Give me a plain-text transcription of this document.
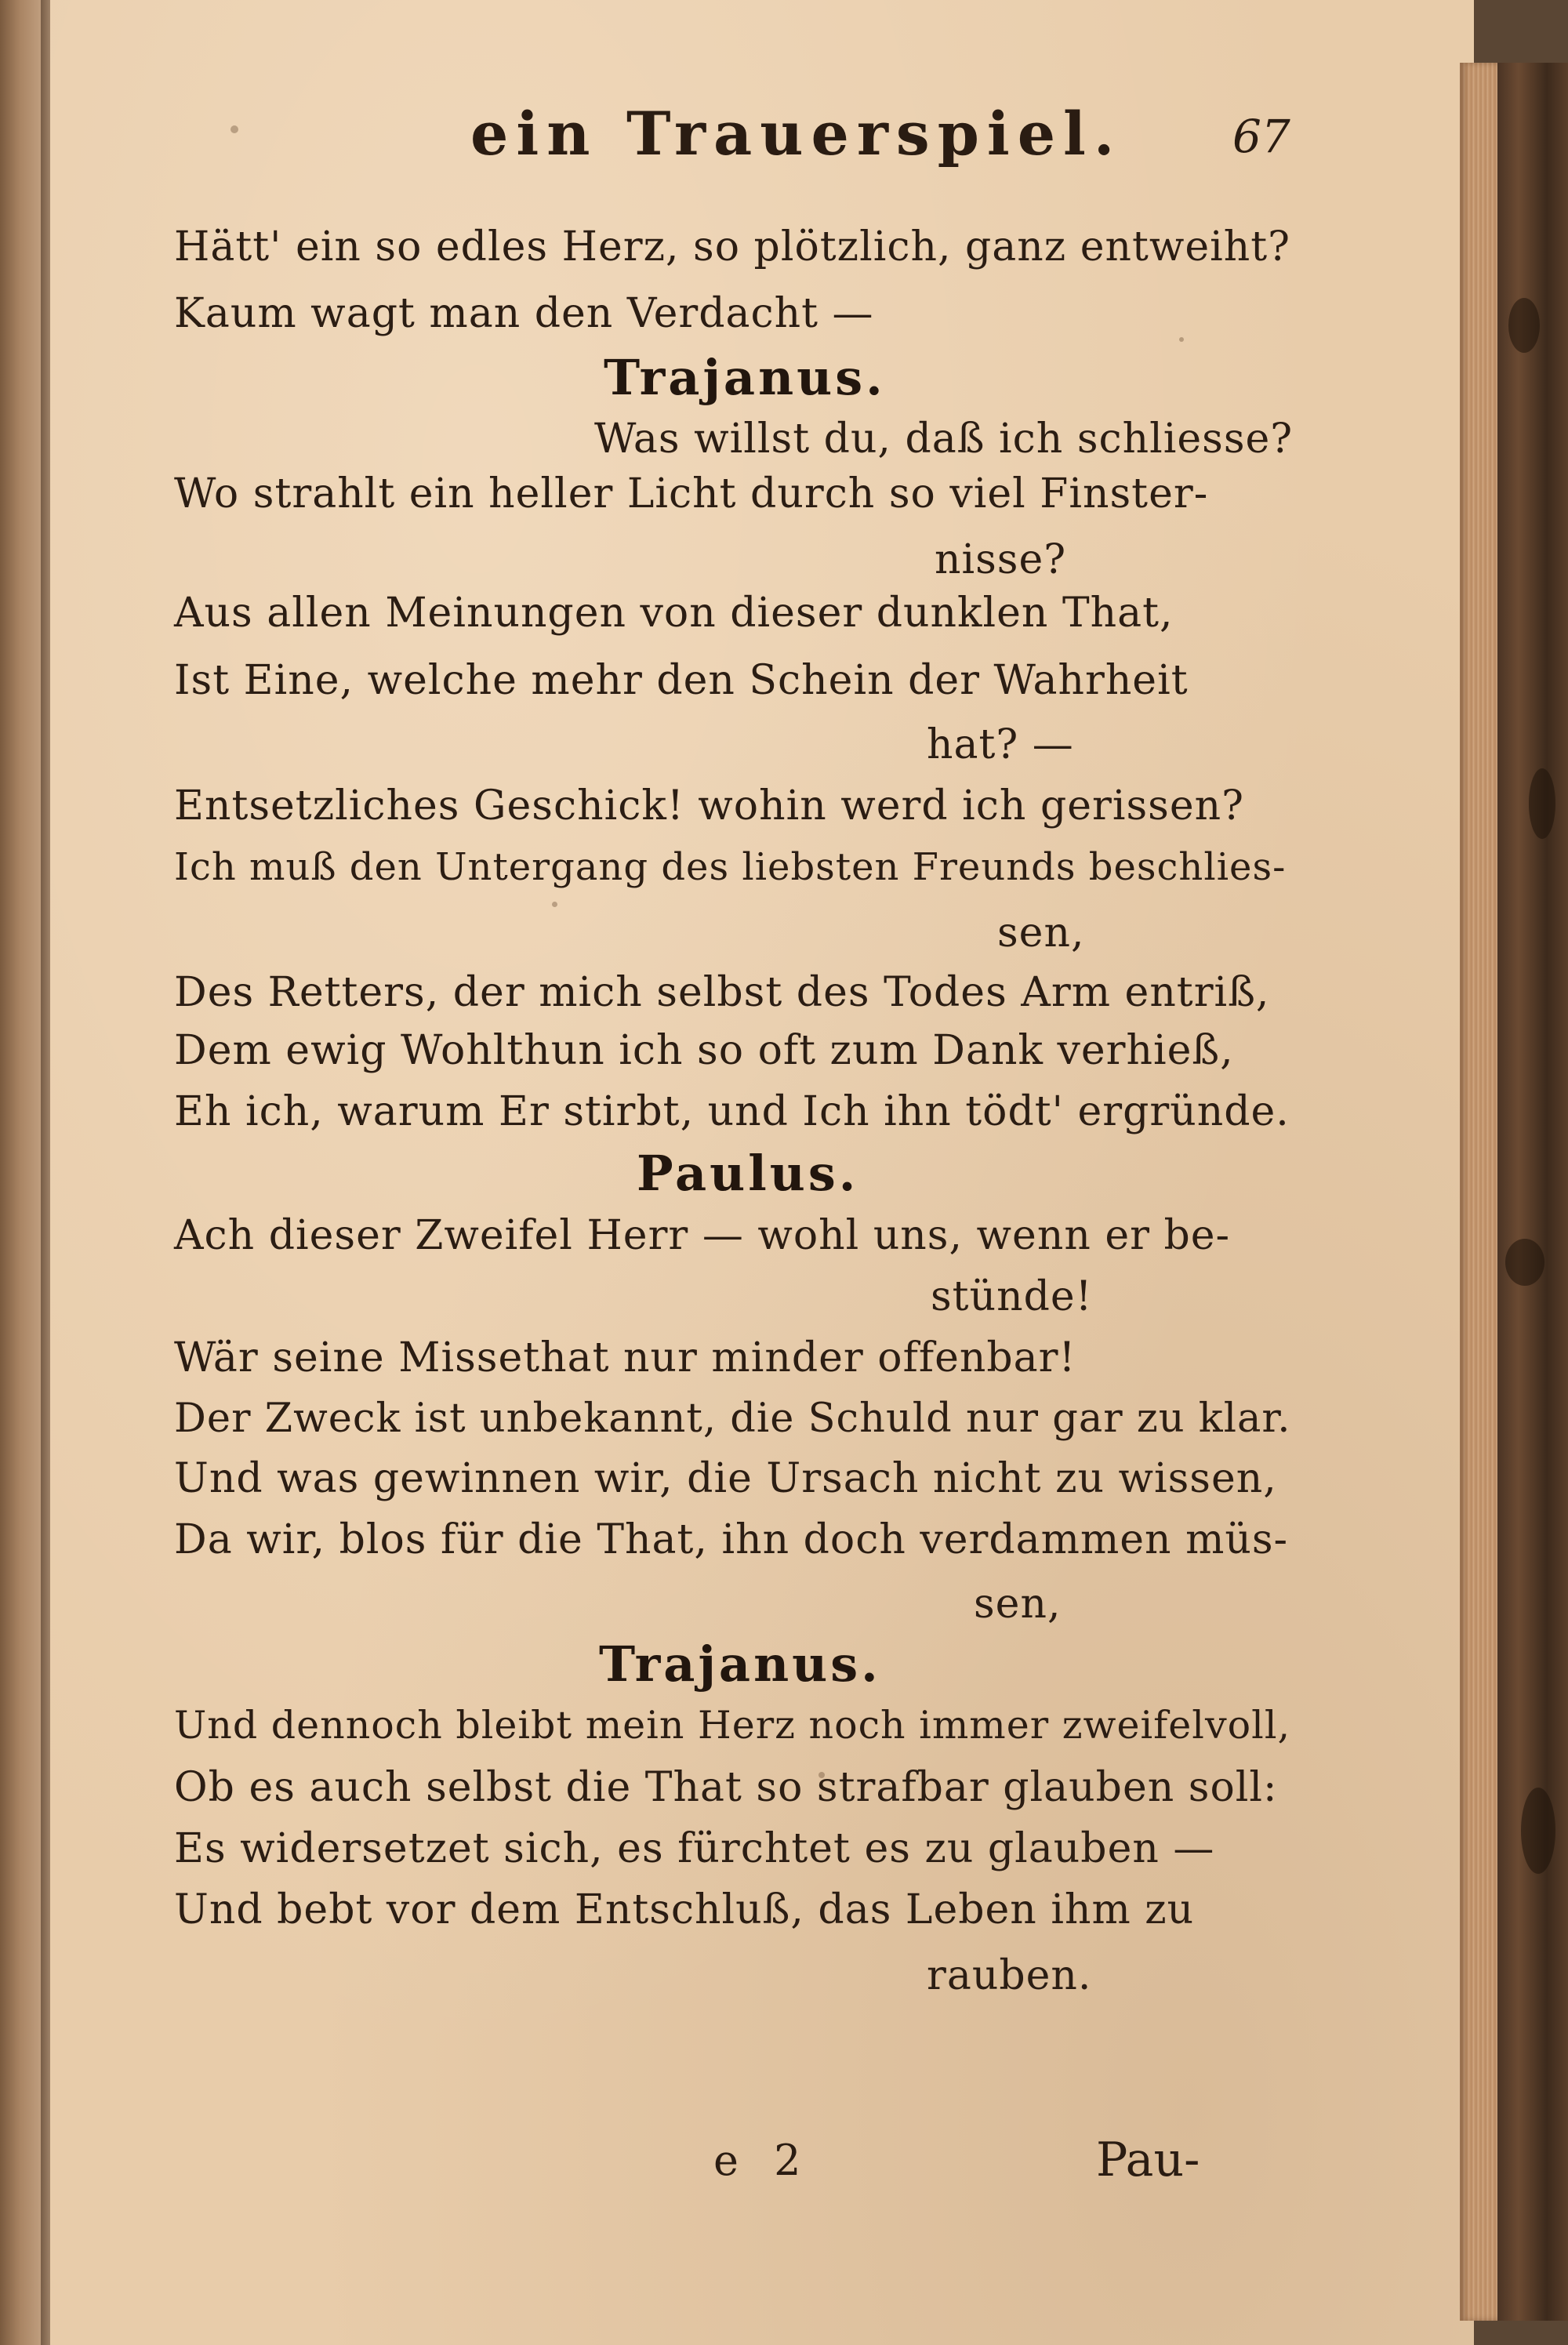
ein Trauerspiel. 67
Hätt' ein so edles Herz, so plötzlich, ganz entweiht?
Kaum wagt man den Verdacht —
Trajanus.
Was willst du, daß ich schliesse?
Wo strahlt ein heller Licht durch so viel Finster-
nisse?
Aus allen Meinungen von dieser dunklen That,
Ist Eine, welche mehr den Schein der Wahrheit
hat? —
Entsetzliches Geschick! wohin werd ich gerissen?
Ich muß den Untergang des liebsten Freunds beschlies-
sen,
Des Retters, der mich selbst des Todes Arm entriß,
Dem ewig Wohlthun ich so oft zum Dank verhieß,
Eh ich, warum Er stirbt, und Ich ihn tödt' ergründe.
Paulus.
Ach dieser Zweifel Herr — wohl uns, wenn er be-
stünde!
Wär seine Missethat nur minder offenbar!
Der Zweck ist unbekannt, die Schuld nur gar zu klar.
Und was gewinnen wir, die Ursach nicht zu wissen,
Da wir, blos für die That, ihn doch verdammen müs-
sen,
Trajanus.
Und dennoch bleibt mein Herz noch immer zweifelvoll,
Ob es auch selbst die That so strafbar glauben soll:
Es widersetzet sich, es fürchtet es zu glauben —
Und bebt vor dem Entschluß, das Leben ihm zu
rauben.
e 2	Pau-
